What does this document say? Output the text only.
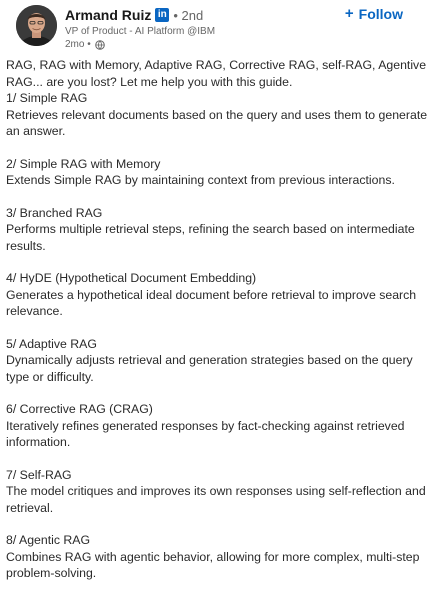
Armand Ruiz in • 2nd
VP of Product - AI Platform @IBM
2mo •
+ Follow

RAG, RAG with Memory, Adaptive RAG, Corrective RAG, self-RAG, Agentive RAG... are you lost? Let me help you with this guide.

1/ Simple RAG

Retrieves relevant documents based on the query and uses them to generate an answer.

2/ Simple RAG with Memory

Extends Simple RAG by maintaining context from previous interactions.

3/ Branched RAG

Performs multiple retrieval steps, refining the search based on intermediate results.

4/ HyDE (Hypothetical Document Embedding)

Generates a hypothetical ideal document before retrieval to improve search relevance.

5/ Adaptive RAG

Dynamically adjusts retrieval and generation strategies based on the query type or difficulty.

6/ Corrective RAG (CRAG)

Iteratively refines generated responses by fact-checking against retrieved information.

7/ Self-RAG

The model critiques and improves its own responses using self-reflection and retrieval.

8/ Agentic RAG

Combines RAG with agentic behavior, allowing for more complex, multi-step problem-solving.
